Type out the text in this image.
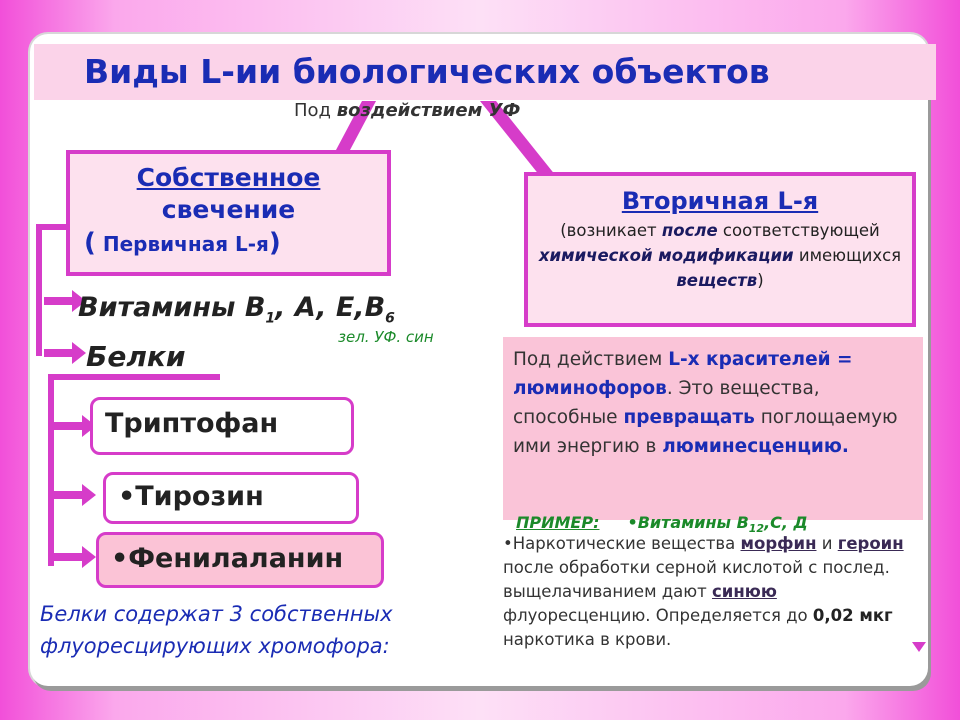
Виды L-ии биологических объектов
Под воздействием УФ
Собственное
свечение
( Первичная L-я)
Вторичная L-я
(возникает после соответствующей химической модификации имеющихся веществ)
Витамины $B_1$, A, $E,B_6$
зел. УФ. син
Белки
Триптофан
•Тирозин
•Фенилаланин
Белки содержат 3 собственных
флуоресцирующих хромофора:
Под действием L-х красителей = люминофоров. Это вещества, способные превращать поглощаемую ими энергию в люминесценцию.
ПРИМЕР: •Витамины $B_{12},C$, Д
•Наркотические вещества морфин и героин после обработки серной кислотой с послед. выщелачиванием дают синюю флуоресценцию. Определяется до 0,02 мкг наркотика в крови.
